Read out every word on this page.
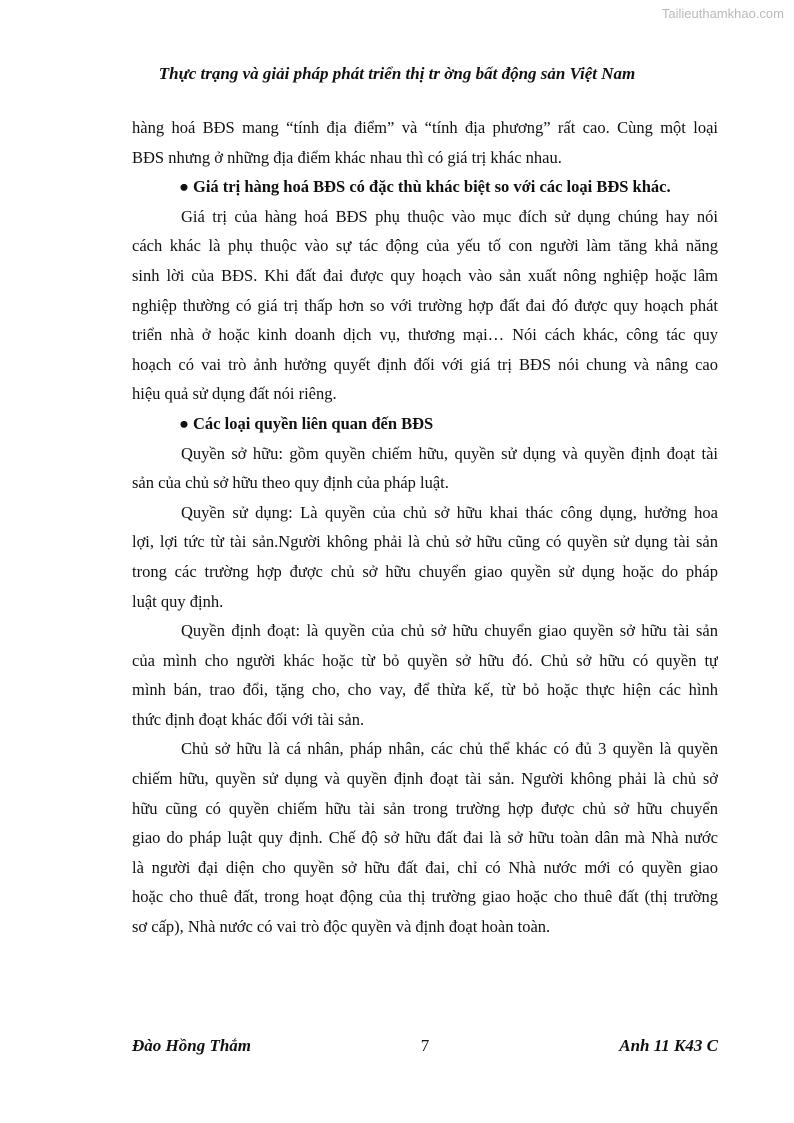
Tailieuthamkhao.com
Thực trạng và giải pháp phát triển thị tr ờng bất động sản Việt Nam
hàng hoá BĐS mang “tính địa điểm” và “tính địa phương” rất cao. Cùng một loại
BĐS nhưng ở những địa điểm khác nhau thì có giá trị khác nhau.
● Giá trị hàng hoá BĐS có đặc thù khác biệt so với các loại BĐS khác.
Giá trị của hàng hoá BĐS phụ thuộc vào mục đích sử dụng chúng hay nói
cách khác là phụ thuộc vào sự tác động của yếu tố con người làm tăng khả năng
sinh lời của BĐS. Khi đất đai được quy hoạch vào sản xuất nông nghiệp hoặc lâm
nghiệp thường có giá trị thấp hơn so với trường hợp đất đai đó được quy hoạch phát
triển nhà ở hoặc kinh doanh dịch vụ, thương mại… Nói cách khác, công tác quy
hoạch có vai trò ảnh hưởng quyết định đối với giá trị BĐS nói chung và nâng cao
hiệu quả sử dụng đất nói riêng.
● Các loại quyền liên quan đến BĐS
Quyền sở hữu: gồm quyền chiếm hữu, quyền sử dụng và quyền định đoạt tài
sản của chủ sở hữu theo quy định của pháp luật.
Quyền sử dụng: Là quyền của chủ sở hữu khai thác công dụng, hưởng hoa
lợi, lợi tức từ tài sản.Người không phải là chủ sở hữu cũng có quyền sử dụng tài sản
trong các trường hợp được chủ sở hữu chuyển giao quyền sử dụng hoặc do pháp
luật quy định.
Quyền định đoạt: là quyền của chủ sở hữu chuyển giao quyền sở hữu tài sản
của mình cho người khác hoặc từ bỏ quyền sở hữu đó. Chủ sở hữu có quyền tự
mình bán, trao đổi, tặng cho, cho vay, để thừa kế, từ bỏ hoặc thực hiện các hình
thức định đoạt khác đối với tài sản.
Chủ sở hữu là cá nhân, pháp nhân, các chủ thể khác có đủ 3 quyền là quyền
chiếm hữu, quyền sử dụng và quyền định đoạt tài sản. Người không phải là chủ sở
hữu cũng có quyền chiếm hữu tài sản trong trường hợp được chủ sở hữu chuyển
giao do pháp luật quy định. Chế độ sở hữu đất đai là sở hữu toàn dân mà Nhà nước
là người đại diện cho quyền sở hữu đất đai, chỉ có Nhà nước mới có quyền giao
hoặc cho thuê đất, trong hoạt động của thị trường giao hoặc cho thuê đất (thị trường
sơ cấp), Nhà nước có vai trò độc quyền và định đoạt hoàn toàn.
Đào Hồng Thắm	7	Anh 11 K43 C
